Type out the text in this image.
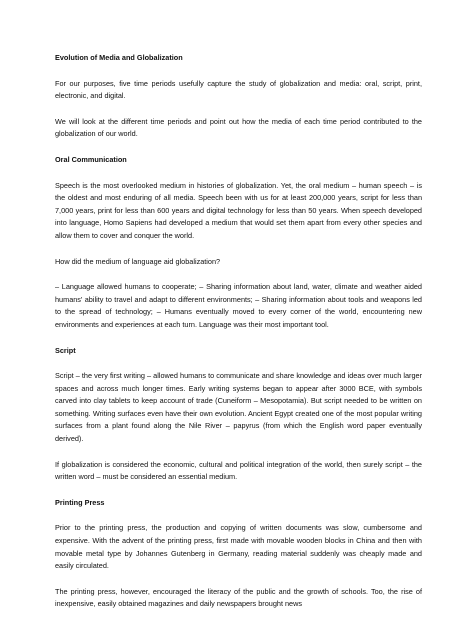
Evolution of Media and Globalization

For our purposes, five time periods usefully capture the study of globalization and media: oral, script, print, electronic, and digital.

We will look at the different time periods and point out how the media of each time period contributed to the globalization of our world.

Oral Communication

Speech is the most overlooked medium in histories of globalization. Yet, the oral medium – human speech – is the oldest and most enduring of all media. Speech been with us for at least 200,000 years, script for less than 7,000 years, print for less than 600 years and digital technology for less than 50 years. When speech developed into language, Homo Sapiens had developed a medium that would set them apart from every other species and allow them to cover and conquer the world.

How did the medium of language aid globalization?

– Language allowed humans to cooperate; – Sharing information about land, water, climate and weather aided humans' ability to travel and adapt to different environments; – Sharing information about tools and weapons led to the spread of technology; – Humans eventually moved to every corner of the world, encountering new environments and experiences at each turn. Language was their most important tool.

Script

Script – the very first writing – allowed humans to communicate and share knowledge and ideas over much larger spaces and across much longer times. Early writing systems began to appear after 3000 BCE, with symbols carved into clay tablets to keep account of trade (Cuneiform – Mesopotamia). But script needed to be written on something. Writing surfaces even have their own evolution. Ancient Egypt created one of the most popular writing surfaces from a plant found along the Nile River – papyrus (from which the English word paper eventually derived).

If globalization is considered the economic, cultural and political integration of the world, then surely script – the written word – must be considered an essential medium.

Printing Press

Prior to the printing press, the production and copying of written documents was slow, cumbersome and expensive. With the advent of the printing press, first made with movable wooden blocks in China and then with movable metal type by Johannes Gutenberg in Germany, reading material suddenly was cheaply made and easily circulated.

The printing press, however, encouraged the literacy of the public and the growth of schools. Too, the rise of inexpensive, easily obtained magazines and daily newspapers brought news
